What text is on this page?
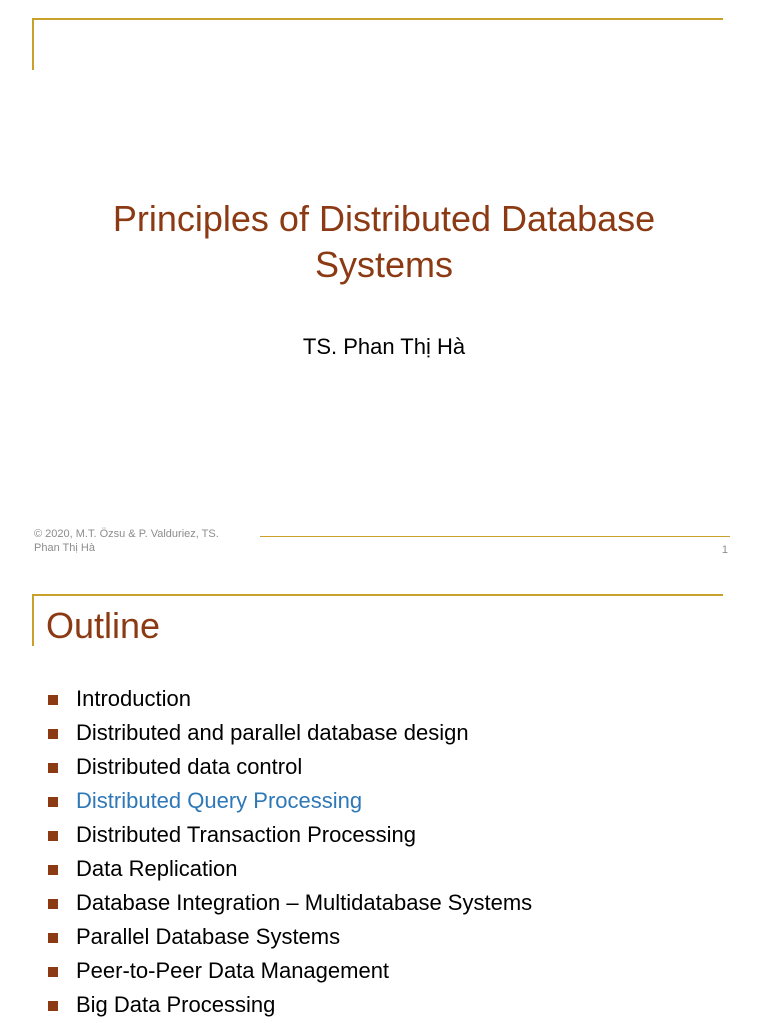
Principles of Distributed Database
Systems
TS. Phan Thị Hà
© 2020, M.T. Özsu & P. Valduriez, TS.
Phan Thị Hà	1
Outline
Introduction
Distributed and parallel database design
Distributed data control
Distributed Query Processing
Distributed Transaction Processing
Data Replication
Database Integration – Multidatabase Systems
Parallel Database Systems
Peer-to-Peer Data Management
Big Data Processing
